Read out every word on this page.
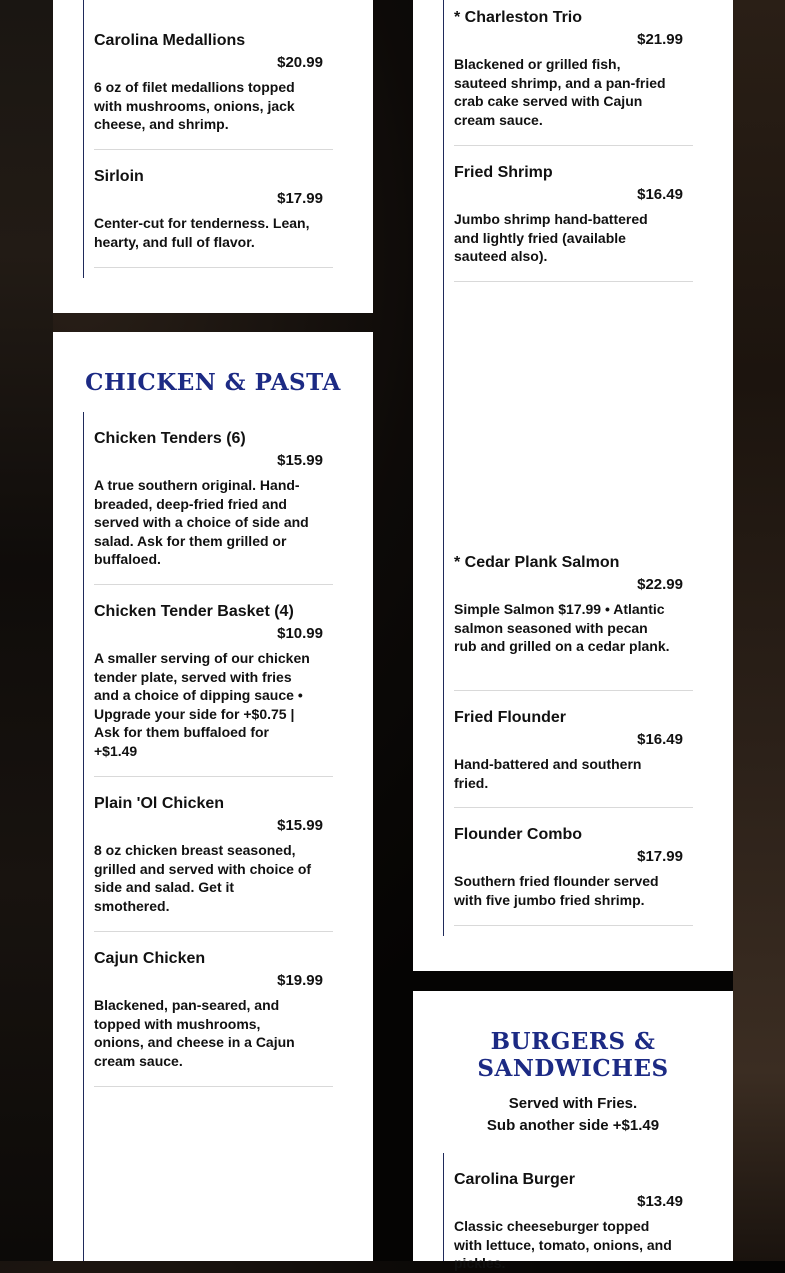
Carolina Medallions
$20.99
6 oz of filet medallions topped with mushrooms, onions, jack cheese, and shrimp.
Sirloin
$17.99
Center-cut for tenderness. Lean, hearty, and full of flavor.
CHICKEN & PASTA
Chicken Tenders (6)
$15.99
A true southern original. Hand-breaded, deep-fried fried and served with a choice of side and salad. Ask for them grilled or buffaloed.
Chicken Tender Basket (4)
$10.99
A smaller serving of our chicken tender plate, served with fries and a choice of dipping sauce • Upgrade your side for +$0.75 | Ask for them buffaloed for +$1.49
Plain 'Ol Chicken
$15.99
8 oz chicken breast seasoned, grilled and served with choice of side and salad. Get it smothered.
Cajun Chicken
$19.99
Blackened, pan-seared, and topped with mushrooms, onions, and cheese in a Cajun cream sauce.
* Charleston Trio
$21.99
Blackened or grilled fish, sauteed shrimp, and a pan-fried crab cake served with Cajun cream sauce.
Fried Shrimp
$16.49
Jumbo shrimp hand-battered and lightly fried (available sauteed also).
* Cedar Plank Salmon
$22.99
Simple Salmon $17.99 • Atlantic salmon seasoned with pecan rub and grilled on a cedar plank.
Fried Flounder
$16.49
Hand-battered and southern fried.
Flounder Combo
$17.99
Southern fried flounder served with five jumbo fried shrimp.
BURGERS &
SANDWICHES
Served with Fries.
Sub another side +$1.49
Carolina Burger
$13.49
Classic cheeseburger topped with lettuce, tomato, onions, and pickles.
